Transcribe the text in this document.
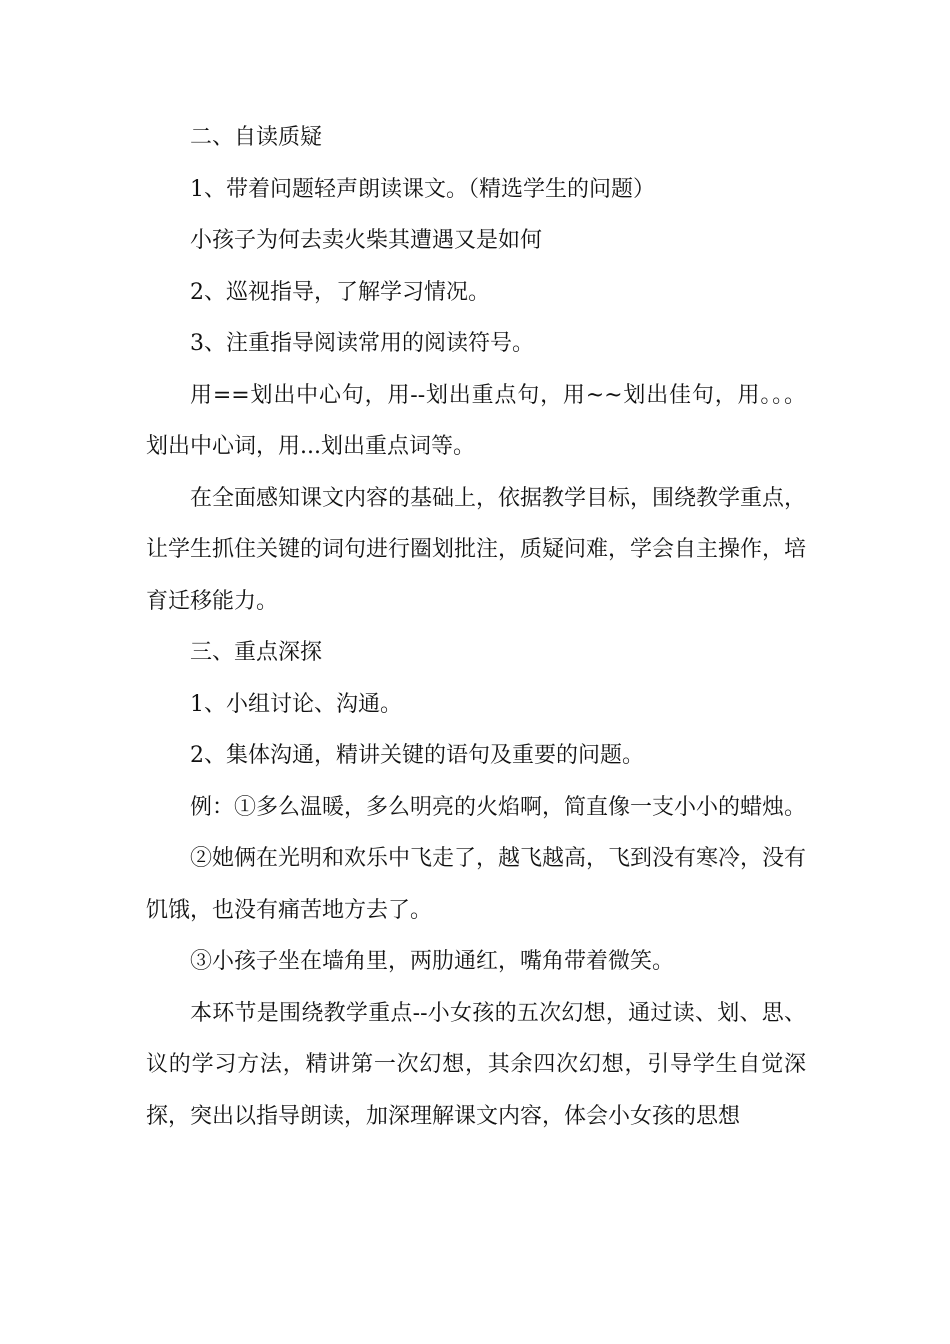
二、自读质疑

1、带着问题轻声朗读课文。（精选学生的问题）

小孩子为何去卖火柴其遭遇又是如何

2、巡视指导，了解学习情况。

3、注重指导阅读常用的阅读符号。

用==划出中心句，用--划出重点句，用~~划出佳句，用。。。划出中心词，用...划出重点词等。

在全面感知课文内容的基础上，依据教学目标，围绕教学重点，让学生抓住关键的词句进行圈划批注，质疑问难，学会自主操作，培育迁移能力。

三、重点深探

1、小组讨论、沟通。

2、集体沟通，精讲关键的语句及重要的问题。

例：①多么温暖，多么明亮的火焰啊，简直像一支小小的蜡烛。

②她俩在光明和欢乐中飞走了，越飞越高，飞到没有寒冷，没有饥饿，也没有痛苦地方去了。

③小孩子坐在墙角里，两肋通红，嘴角带着微笑。

本环节是围绕教学重点--小女孩的五次幻想，通过读、划、思、议的学习方法，精讲第一次幻想，其余四次幻想，引导学生自觉深探，突出以指导朗读，加深理解课文内容，体会小女孩的思想
